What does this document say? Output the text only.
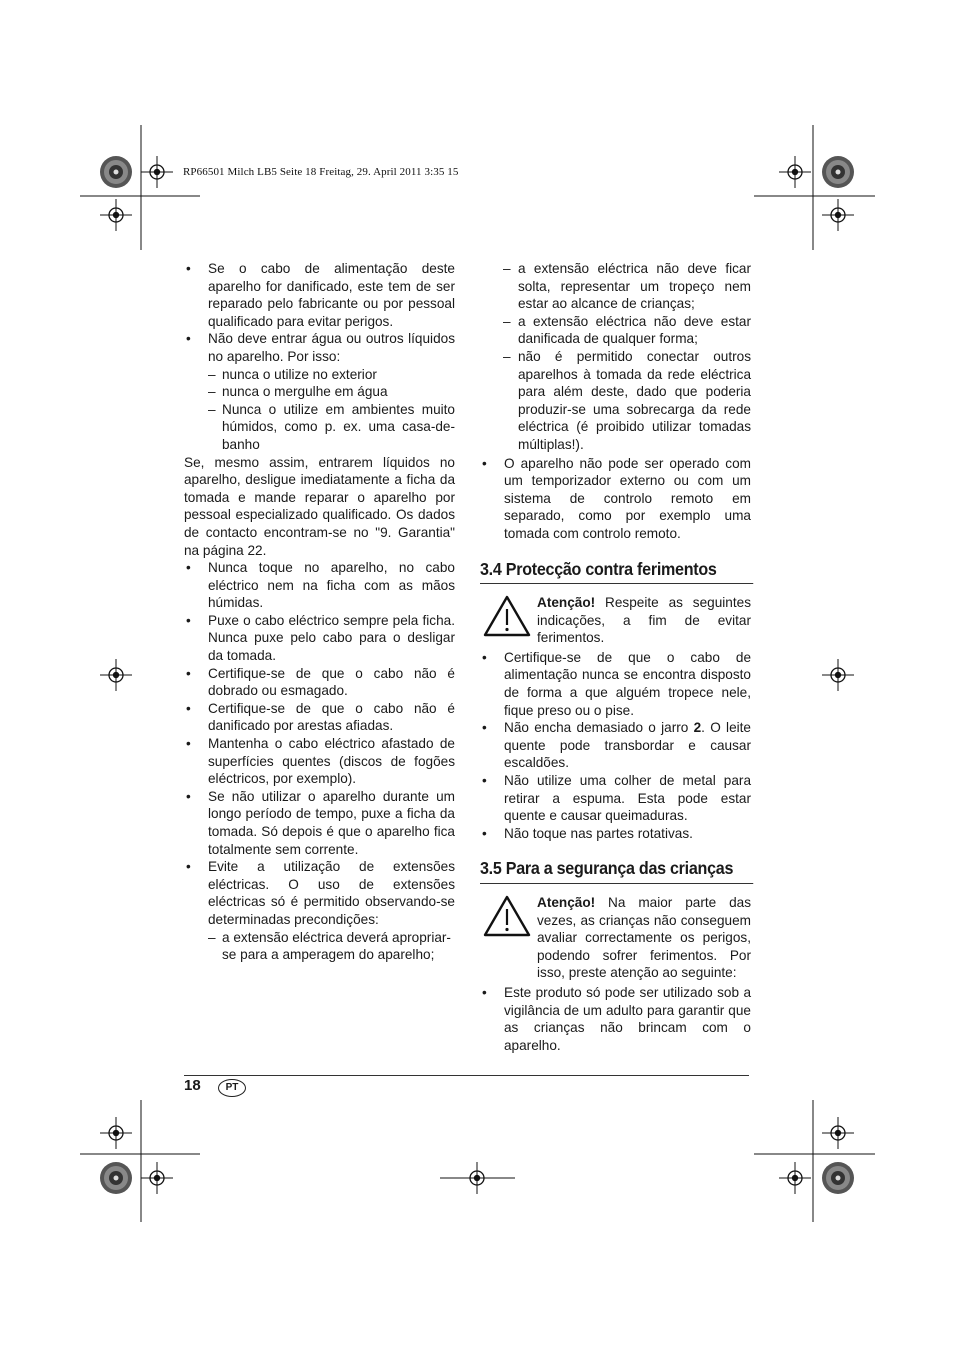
RP66501 Milch LB5 Seite 18 Freitag, 29. April 2011 3:35 15

• Se o cabo de alimentação deste aparelho for danificado, este tem de ser reparado pelo fabricante ou por pessoal qualificado para evitar perigos.

• Não deve entrar água ou outros líquidos no aparelho. Por isso:

– nunca o utilize no exterior

– nunca o mergulhe em água

– Nunca o utilize em ambientes muito húmidos, como p. ex. uma casa-de-banho

Se, mesmo assim, entrarem líquidos no aparelho, desligue imediatamente a ficha da tomada e mande reparar o aparelho por pessoal especializado qualificado. Os dados de contacto encontram-se no "9. Garantia" na página 22.

• Nunca toque no aparelho, no cabo eléctrico nem na ficha com as mãos húmidas.

• Puxe o cabo eléctrico sempre pela ficha. Nunca puxe pelo cabo para o desligar da tomada.

• Certifique-se de que o cabo não é dobrado ou esmagado.

• Certifique-se de que o cabo não é danificado por arestas afiadas.

• Mantenha o cabo eléctrico afastado de superfícies quentes (discos de fogões eléctricos, por exemplo).

• Se não utilizar o aparelho durante um longo período de tempo, puxe a ficha da tomada. Só depois é que o aparelho fica totalmente sem corrente.

• Evite a utilização de extensões eléctricas. O uso de extensões eléctricas só é permitido observando-se determinadas precondições:

– a extensão eléctrica deverá apropriar-se para a amperagem do aparelho;

– a extensão eléctrica não deve ficar solta, representar um tropeço nem estar ao alcance de crianças;

– a extensão eléctrica não deve estar danificada de qualquer forma;

– não é permitido conectar outros aparelhos à tomada da rede eléctrica para além deste, dado que poderia produzir-se uma sobrecarga da rede eléctrica (é proibido utilizar tomadas múltiplas!).

• O aparelho não pode ser operado com um temporizador externo ou com um sistema de controlo remoto em separado, como por exemplo uma tomada com controlo remoto.

3.4 Protecção contra ferimentos
Atenção! Respeite as seguintes indicações, a fim de evitar ferimentos.

• Certifique-se de que o cabo de alimentação nunca se encontra disposto de forma a que alguém tropece nele, fique preso ou o pise.

• Não encha demasiado o jarro 2. O leite quente pode transbordar e causar escaldões.

• Não utilize uma colher de metal para retirar a espuma. Esta pode estar quente e causar queimaduras.

• Não toque nas partes rotativas.

3.5 Para a segurança das crianças
Atenção! Na maior parte das vezes, as crianças não conseguem avaliar correctamente os perigos, podendo sofrer ferimentos. Por isso, preste atenção ao seguinte:

• Este produto só pode ser utilizado sob a vigilância de um adulto para garantir que as crianças não brincam com o aparelho.

18	PT
